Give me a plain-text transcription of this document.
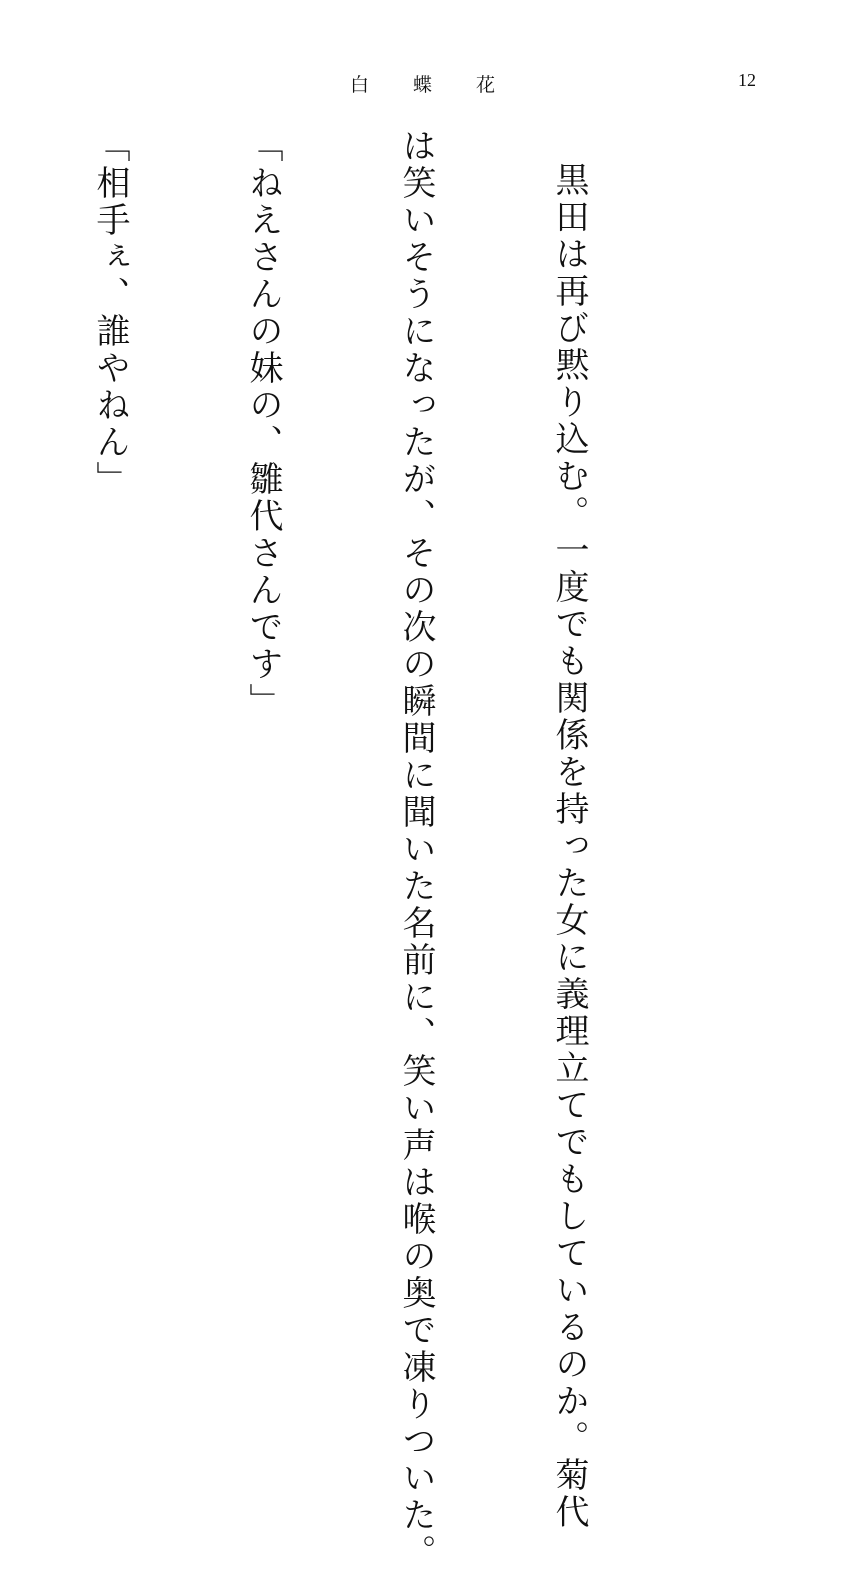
白蝶花	12

黒田は再び黙り込む。一度でも関係を持った女に義理立てでもしているのか。菊代

は笑いそうになったが、その次の瞬間に聞いた名前に、笑い声は喉の奥で凍りついた。

「ねえさんの妹の、雛代さんです」

「相手ぇ、誰やねん」
